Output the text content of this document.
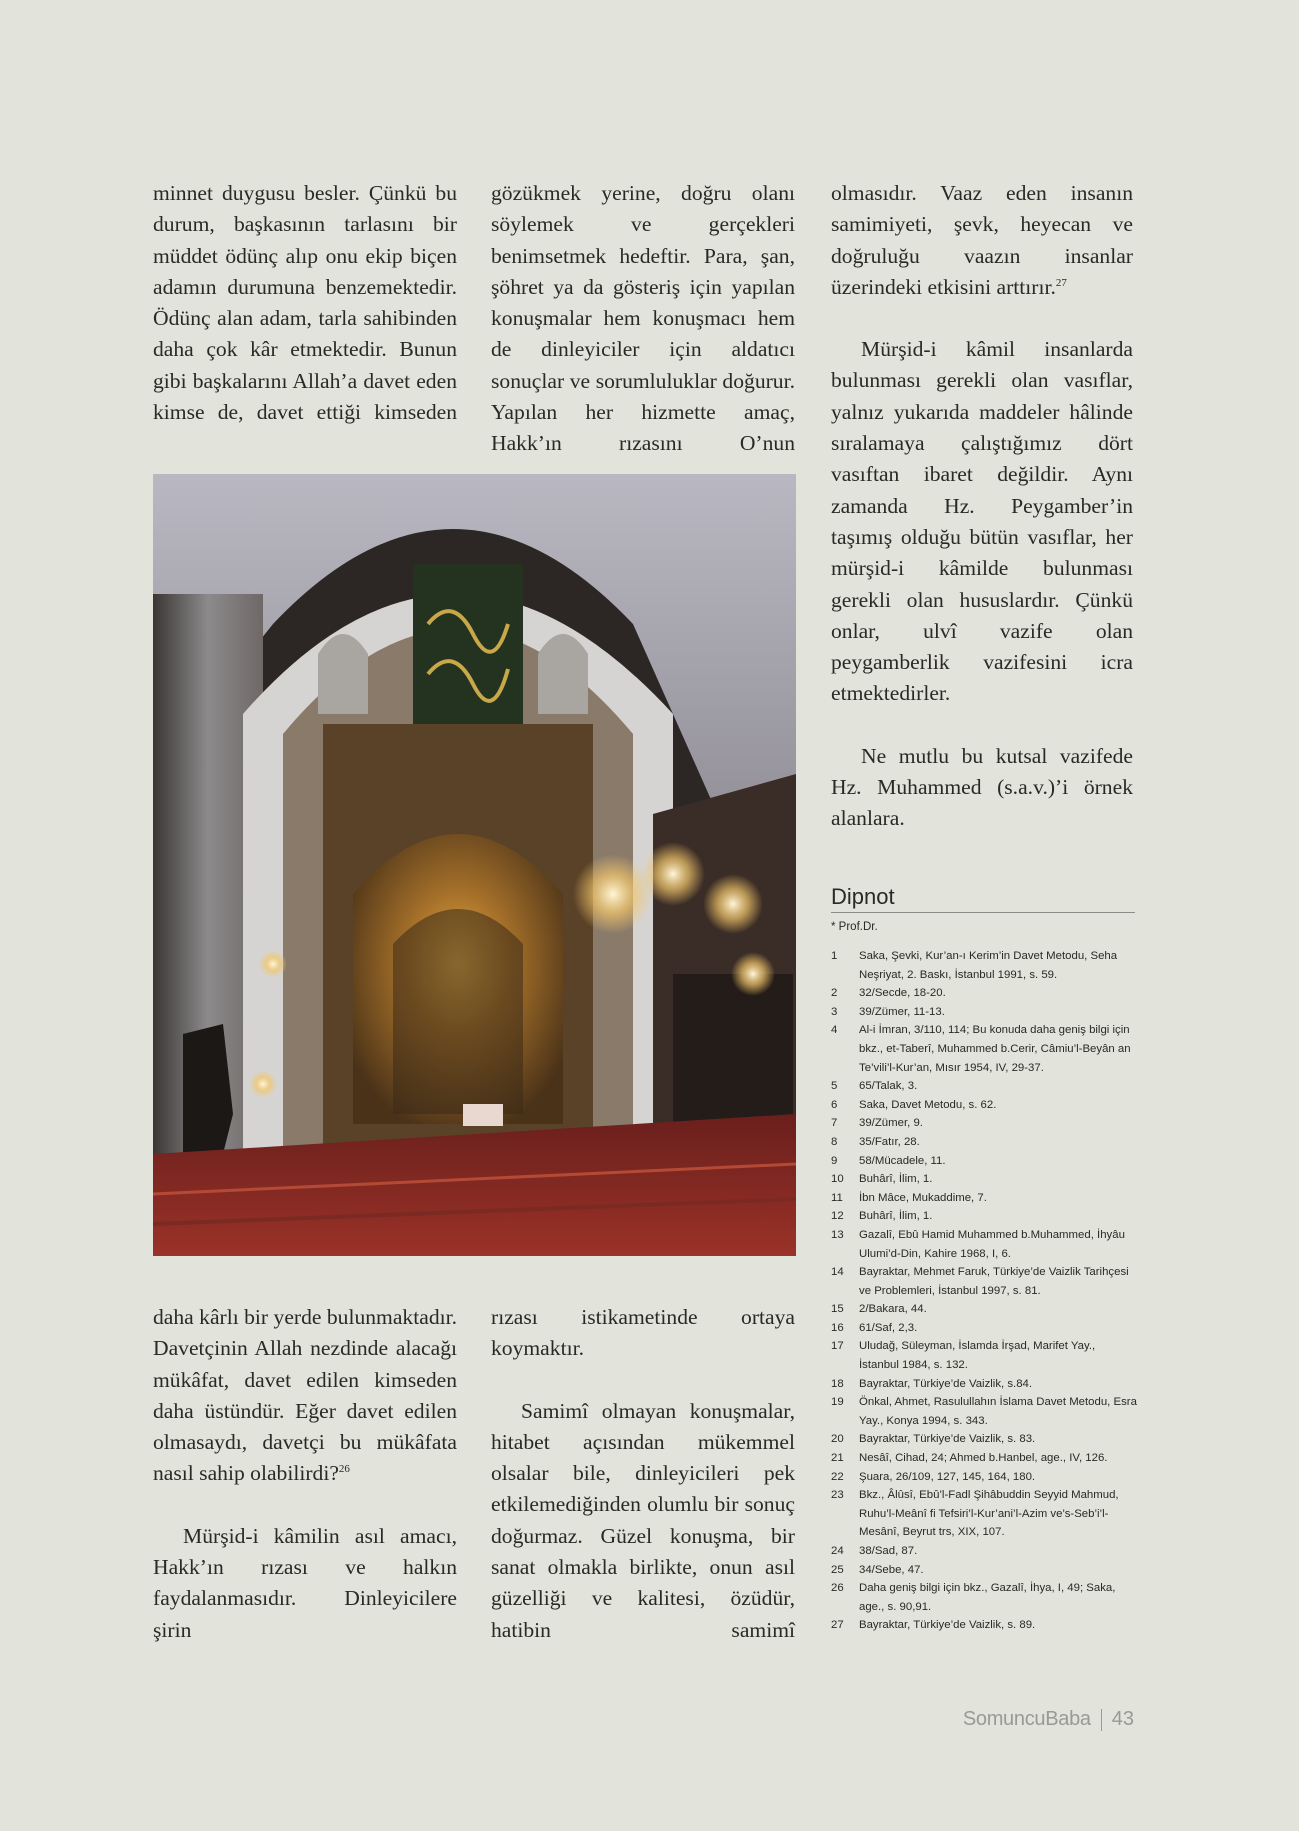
minnet duygusu besler. Çünkü bu durum, başkasının tarlasını bir müddet ödünç alıp onu ekip biçen adamın durumuna benzemektedir. Ödünç alan adam, tarla sahibinden daha çok kâr etmektedir. Bunun gibi başkalarını Allah’a davet eden kimse de, davet ettiği kimseden

gözükmek yerine, doğru olanı söylemek ve gerçekleri benimsetmek hedeftir. Para, şan, şöhret ya da gösteriş için yapılan konuşmalar hem konuşmacı hem de dinleyiciler için aldatıcı sonuçlar ve sorumluluklar doğurur. Yapılan her hizmette amaç, Hakk’ın rızasını O’nun

olmasıdır. Vaaz eden insanın samimiyeti, şevk, heyecan ve doğruluğu vaazın insanlar üzerindeki etkisini arttırır.$^{27}$

Mürşid-i kâmil insanlarda bulunması gerekli olan vasıflar, yalnız yukarıda maddeler hâlinde sıralamaya çalıştığımız dört vasıftan ibaret değildir. Aynı zamanda Hz. Peygamber’in taşımış olduğu bütün vasıflar, her mürşid-i kâmilde bulunması gerekli olan hususlardır. Çünkü onlar, ulvî vazife olan peygamberlik vazifesini icra etmektedirler.

Ne mutlu bu kutsal vazifede Hz. Muhammed (s.a.v.)’i örnek alanlara.

daha kârlı bir yerde bulunmaktadır. Davetçinin Allah nezdinde alacağı mükâfat, davet edilen kimseden daha üstündür. Eğer davet edilen olmasaydı, davetçi bu mükâfata nasıl sahip olabilirdi?$^{26}$

Mürşid-i kâmilin asıl amacı, Hakk’ın rızası ve halkın faydalanmasıdır. Dinleyicilere şirin

rızası istikametinde ortaya koymaktır.

Samimî olmayan konuşmalar, hitabet açısından mükemmel olsalar bile, dinleyicileri pek etkilemediğinden olumlu bir sonuç doğurmaz. Güzel konuşma, bir sanat olmakla birlikte, onun asıl güzelliği ve kalitesi, özüdür, hatibin samimî

Dipnot
* Prof.Dr.
1	Saka, Şevki, Kur’an-ı Kerim’in Davet Metodu, Seha Neşriyat, 2. Baskı, İstanbul 1991, s. 59.
2	32/Secde, 18-20.
3	39/Zümer, 11-13.
4	Al-i İmran, 3/110, 114; Bu konuda daha geniş bilgi için bkz., et-Taberî, Muhammed b.Cerir, Câmiu’l-Beyân an Te’vili’l-Kur’an, Mısır 1954, IV, 29-37.
5	65/Talak, 3.
6	Saka, Davet Metodu, s. 62.
7	39/Zümer, 9.
8	35/Fatır, 28.
9	58/Mücadele, 11.
10	Buhârî, İlim, 1.
11	İbn Mâce, Mukaddime, 7.
12	Buhârî, İlim, 1.
13	Gazalî, Ebû Hamid Muhammed b.Muhammed, İhyâu Ulumi’d-Din, Kahire 1968, I, 6.
14	Bayraktar, Mehmet Faruk, Türkiye’de Vaizlik Tarihçesi ve Problemleri, İstanbul 1997, s. 81.
15	2/Bakara, 44.
16	61/Saf, 2,3.
17	Uludağ, Süleyman, İslamda İrşad, Marifet Yay., İstanbul 1984, s. 132.
18	Bayraktar, Türkiye’de Vaizlik, s.84.
19	Önkal, Ahmet, Rasulullahın İslama Davet Metodu, Esra Yay., Konya 1994, s. 343.
20	Bayraktar, Türkiye’de Vaizlik, s. 83.
21	Nesâî, Cihad, 24; Ahmed b.Hanbel, age., IV, 126.
22	Şuara, 26/109, 127, 145, 164, 180.
23	Bkz., Âlûsî, Ebû’l-Fadl Şihâbuddin Seyyid Mahmud, Ruhu’l-Meânî fi Tefsiri’l-Kur’ani’l-Azim ve’s-Seb’i’l-Mesânî, Beyrut trs, XIX, 107.
24	38/Sad, 87.
25	34/Sebe, 47.
26	Daha geniş bilgi için bkz., Gazalî, İhya, I, 49; Saka, age., s. 90,91.
27	Bayraktar, Türkiye’de Vaizlik, s. 89.
SomuncuBaba 43
